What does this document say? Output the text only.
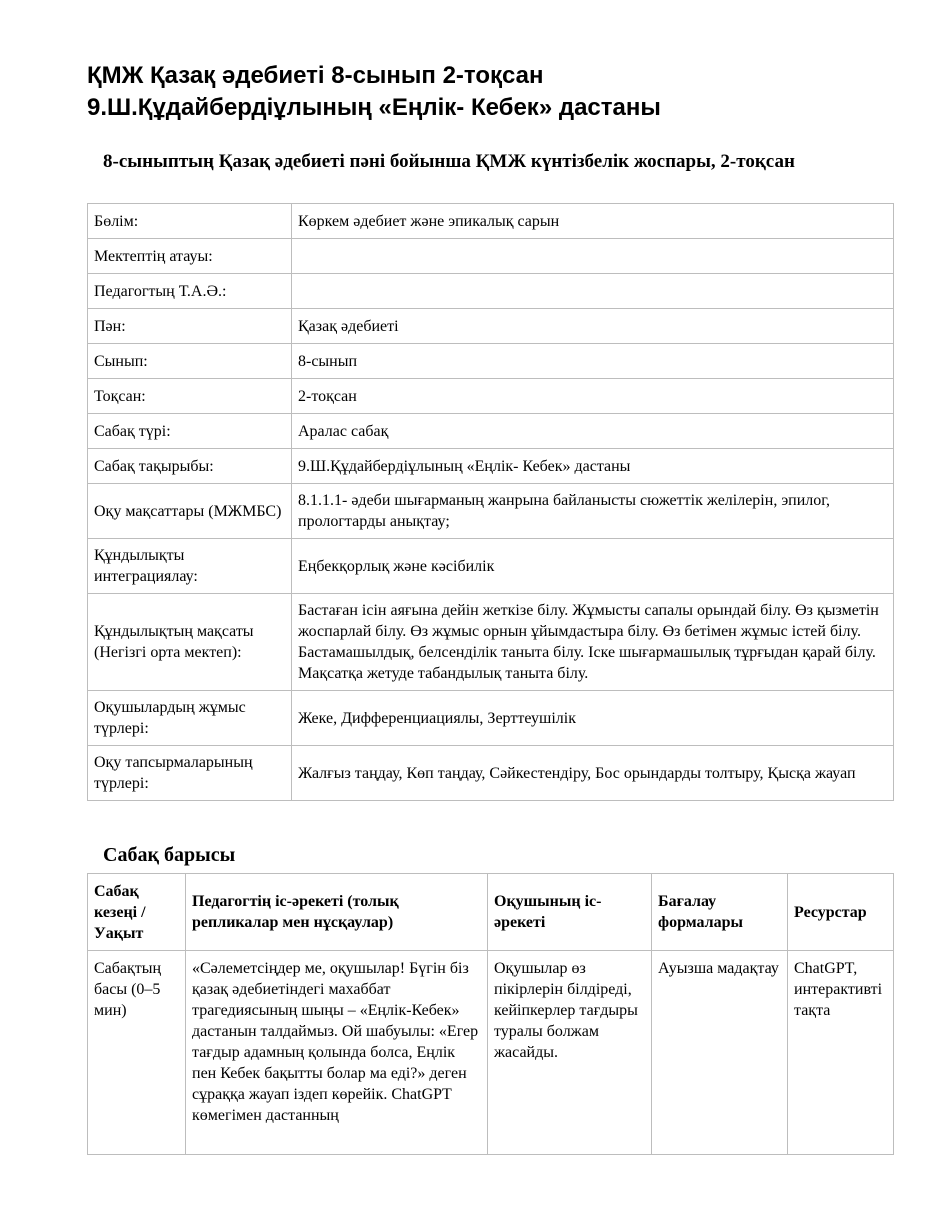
ҚМЖ Қазақ әдебиеті 8-сынып 2-тоқсан
9.Ш.Құдайбердіұлының «Еңлік- Кебек» дастаны
8-сыныптың Қазақ әдебиеті пәні бойынша ҚМЖ күнтізбелік жоспары, 2-тоқсан
Бөлім:	Көркем әдебиет және эпикалық сарын
Мектептің атауы:	
Педагогтың Т.А.Ә.:	
Пән:	Қазақ әдебиеті
Сынып:	8-сынып
Тоқсан:	2-тоқсан
Сабақ түрі:	Аралас сабақ
Сабақ тақырыбы:	9.Ш.Құдайбердіұлының «Еңлік- Кебек» дастаны
Оқу мақсаттары (МЖМБС)	8.1.1.1- әдеби шығарманың жанрына байланысты сюжеттік желілерін, эпилог, прологтарды анықтау;
Құндылықты интеграциялау:	Еңбекқорлық және кәсібилік
Құндылықтың мақсаты (Негізгі орта мектеп):	Бастаған ісін аяғына дейін жеткізе білу. Жұмысты сапалы орындай білу. Өз қызметін жоспарлай білу. Өз жұмыс орнын ұйымдастыра білу. Өз бетімен жұмыс істей білу. Бастамашылдық, белсенділік таныта білу. Іске шығармашылық тұрғыдан қарай білу. Мақсатқа жетуде табандылық таныта білу.
Оқушылардың жұмыс түрлері:	Жеке, Дифференциациялы, Зерттеушілік
Оқу тапсырмаларының түрлері:	Жалғыз таңдау, Көп таңдау, Сәйкестендіру, Бос орындарды толтыру, Қысқа жауап
Сабақ барысы
Сабақ кезеңі / Уақыт	Педагогтің іс-әрекеті (толық репликалар мен нұсқаулар)	Оқушының іс-әрекеті	Бағалау формалары	Ресурстар
Сабақтың басы (0–5 мин)	«Сәлеметсіңдер ме, оқушылар! Бүгін біз қазақ әдебиетіндегі махаббат трагедиясының шыңы – «Еңлік-Кебек» дастанын талдаймыз. Ой шабуылы: «Егер тағдыр адамның қолында болса, Еңлік пен Кебек бақытты болар ма еді?» деген сұраққа жауап іздеп көрейік. ChatGPT көмегімен дастанның	Оқушылар өз пікірлерін білдіреді, кейіпкерлер тағдыры туралы болжам жасайды.	Ауызша мадақтау	ChatGPT, интерактивті тақта
